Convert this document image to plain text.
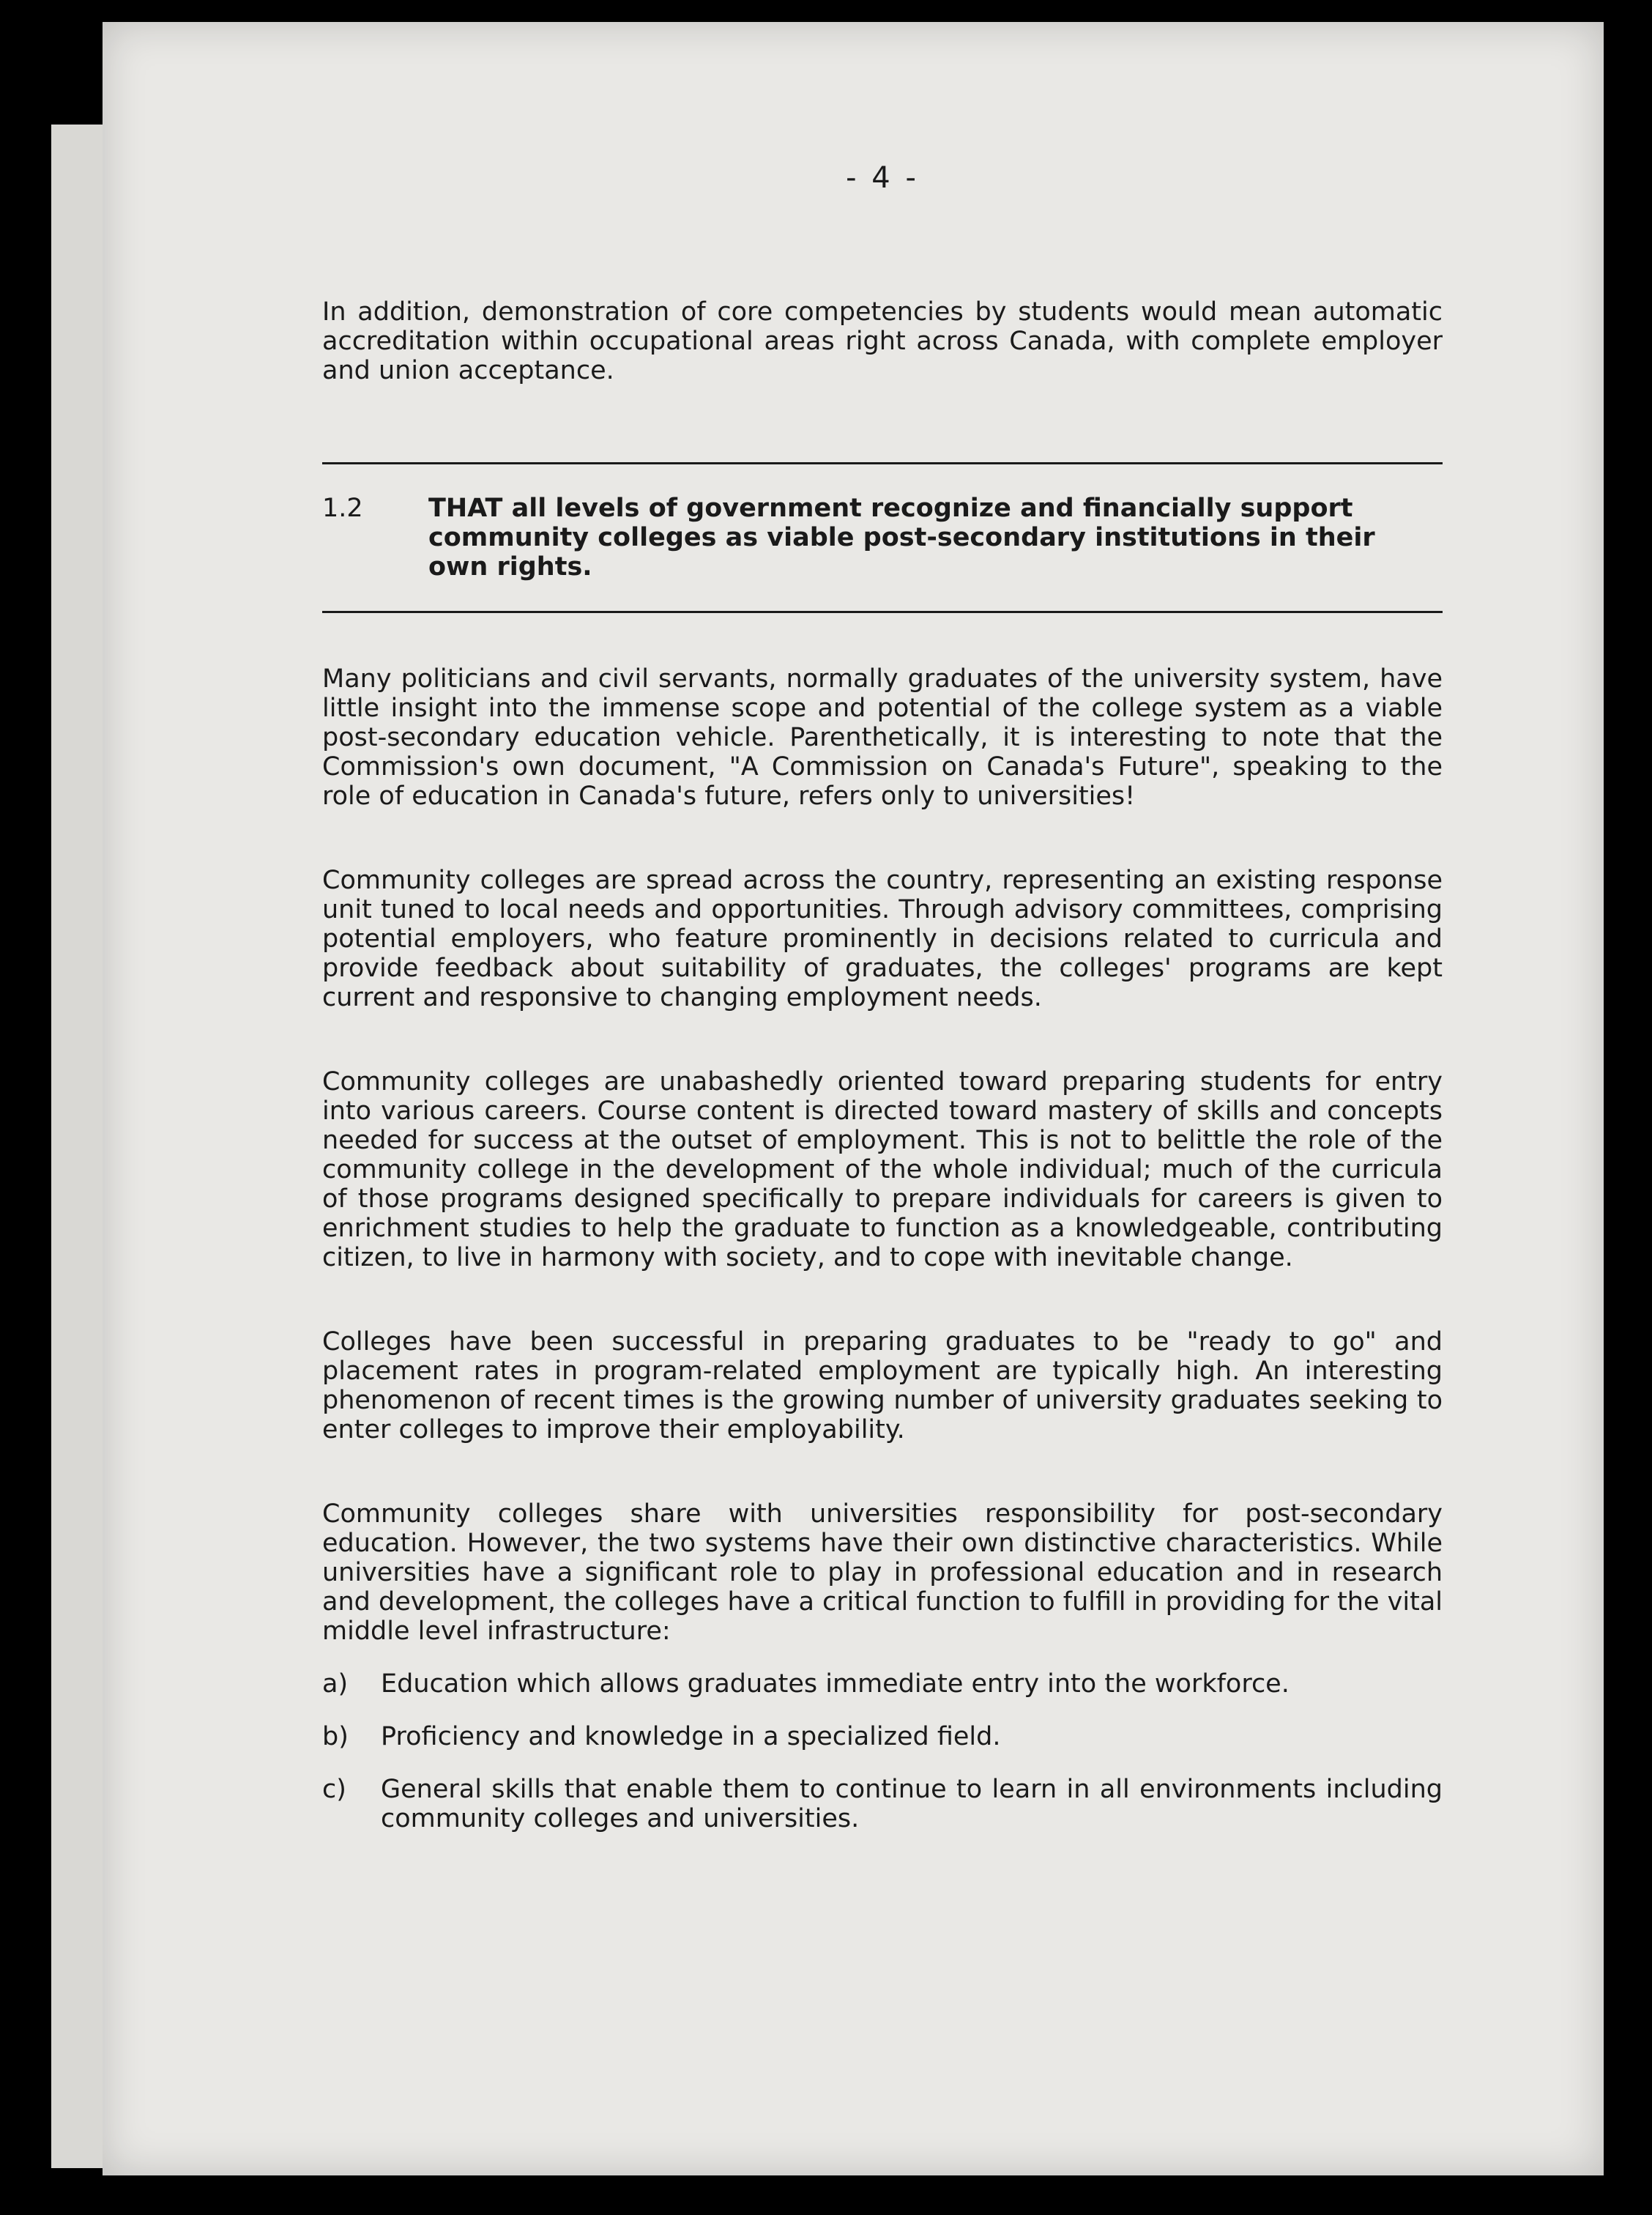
- 4 -

In addition, demonstration of core competencies by students would mean automatic accreditation within occupational areas right across Canada, with complete employer and union acceptance.

1.2	THAT all levels of government recognize and financially support community colleges as viable post-secondary institutions in their own rights.

Many politicians and civil servants, normally graduates of the university system, have little insight into the immense scope and potential of the college system as a viable post-secondary education vehicle. Parenthetically, it is interesting to note that the Commission's own document, "A Commission on Canada's Future", speaking to the role of education in Canada's future, refers only to universities!

Community colleges are spread across the country, representing an existing response unit tuned to local needs and opportunities. Through advisory committees, comprising potential employers, who feature prominently in decisions related to curricula and provide feedback about suitability of graduates, the colleges' programs are kept current and responsive to changing employment needs.

Community colleges are unabashedly oriented toward preparing students for entry into various careers. Course content is directed toward mastery of skills and concepts needed for success at the outset of employment. This is not to belittle the role of the community college in the development of the whole individual; much of the curricula of those programs designed specifically to prepare individuals for careers is given to enrichment studies to help the graduate to function as a knowledgeable, contributing citizen, to live in harmony with society, and to cope with inevitable change.

Colleges have been successful in preparing graduates to be "ready to go" and placement rates in program-related employment are typically high. An interesting phenomenon of recent times is the growing number of university graduates seeking to enter colleges to improve their employability.

Community colleges share with universities responsibility for post-secondary education. However, the two systems have their own distinctive characteristics. While universities have a significant role to play in professional education and in research and development, the colleges have a critical function to fulfill in providing for the vital middle level infrastructure:

a)	Education which allows graduates immediate entry into the workforce.
b)	Proficiency and knowledge in a specialized field.
c)	General skills that enable them to continue to learn in all environments including community colleges and universities.
